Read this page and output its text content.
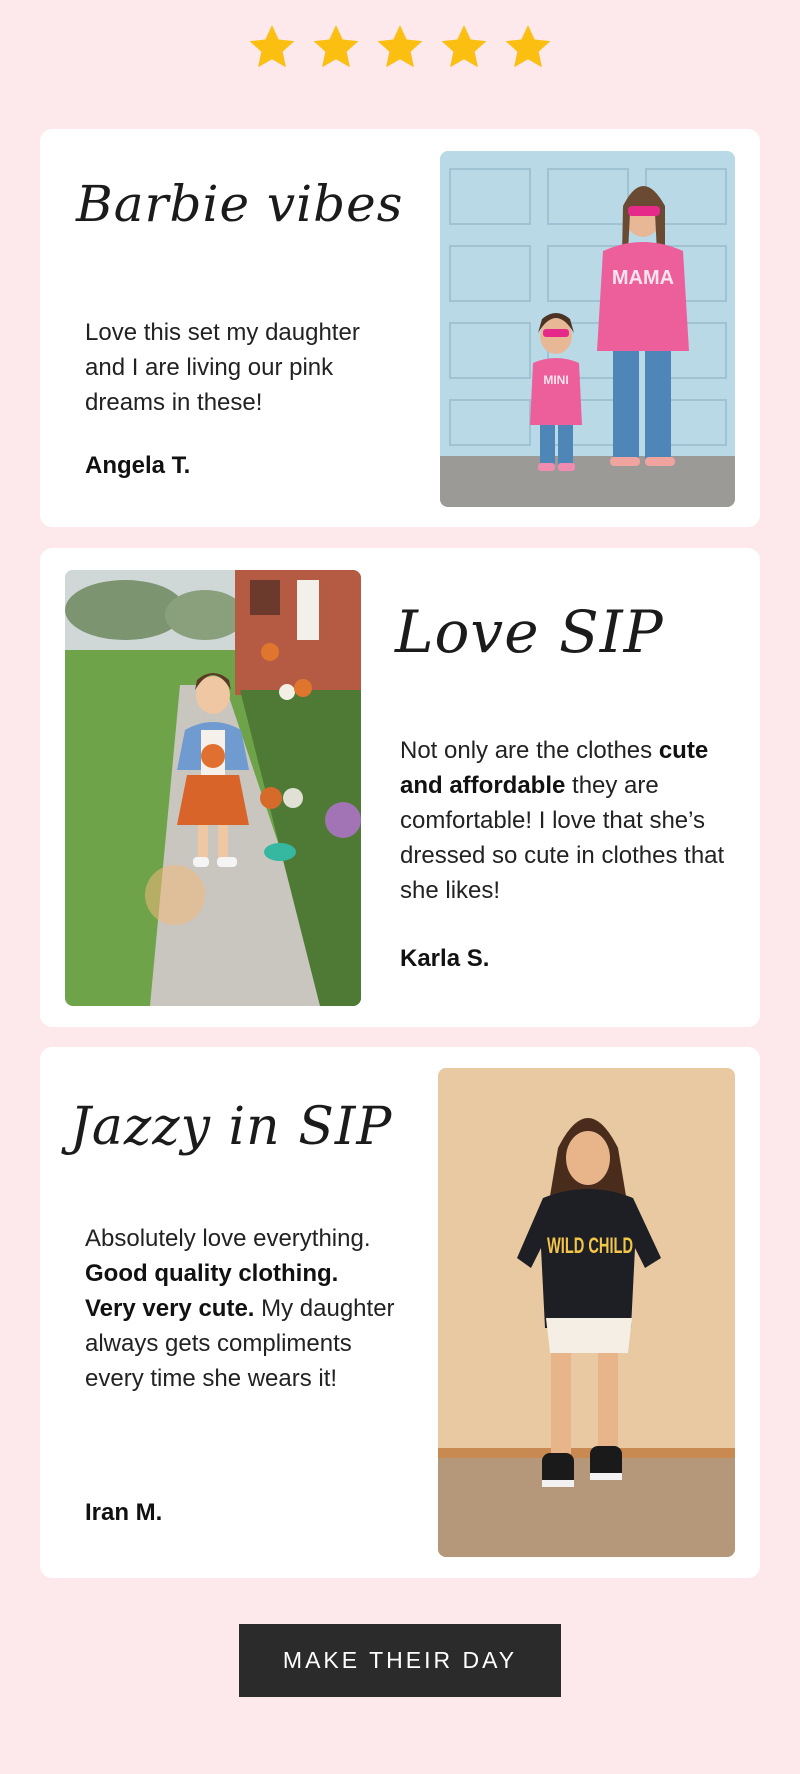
Barbie vibes
Love this set my daughter and I are living our pink dreams in these!
Angela T.
MAMA
MINI
Love SIP
Not only are the clothes cute and affordable they are comfortable! I love that she’s dressed so cute in clothes that she likes!
Karla S.
Jazzy in SIP
Absolutely love everything. Good quality clothing. Very very cute. My daughter always gets compliments every time she wears it!
Iran M.
WILD CHILD
MAKE THEIR DAY
